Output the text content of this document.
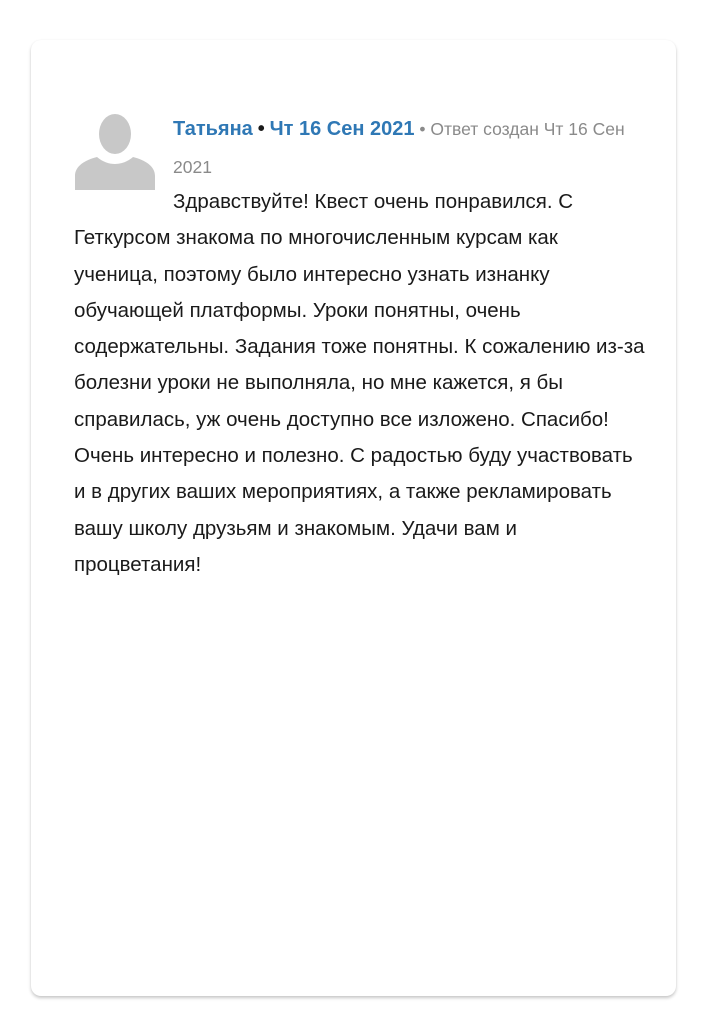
Татьяна • Чт 16 Сен 2021 • Ответ создан Чт 16 Сен 2021
Здравствуйте! Квест очень понравился. С Геткурсом знакома по многочисленным курсам как ученица, поэтому было интересно узнать изнанку обучающей платформы. Уроки понятны, очень содержательны. Задания тоже понятны. К сожалению из-за болезни уроки не выполняла, но мне кажется, я бы справилась, уж очень доступно все изложено. Спасибо! Очень интересно и полезно. С радостью буду участвовать и в других ваших мероприятиях, а также рекламировать вашу школу друзьям и знакомым. Удачи вам и процветания!
